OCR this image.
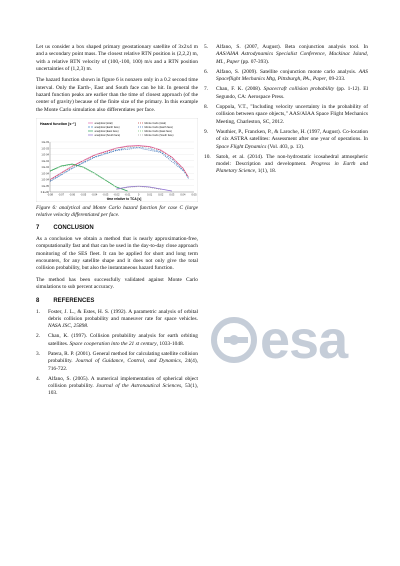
Let us consider a box shaped primary geostationary satellite of 3x2x4 m and a secondary point mass. The closest relative RTN position is (2,2,2) m, with a relative RTN velocity of (100,-100, 100) m/s and a RTN position uncertainties of (1,2,3) m.

The hazard function shown in figure 6 is nonzero only in a 0.2 second time interval. Only the Earth-, East and South face can be hit. In general the hazard function peaks are earlier than the time of closest approach (of the center of gravity) because of the finite size of the primary. In this example the Monte Carlo simulation also differentiates per face.

Hazard function [s⁻¹]	analytical (total)
analytical (Earth face)
analytical (East face)
analytical (South face)
Monte Carlo (total)
Monte Carlo (Earth face)
Monte Carlo (East face)
Monte Carlo (South face)
1.E-03
1.E-03
1.E-04
1.E-04
1.E-04
1.E-04
1.E-04
1.E-05
0.E+00
-0.08 -0.07 -0.06 -0.05 -0.04 -0.03 -0.02 -0.01	0	0.01 0.02 0.03 0.04 0.05
time relative to TCA [s]

Figure 6: analytical and Monte Carlo hazard function for case C (large relative velocity differentiated per face.

7 CONCLUSION

As a conclusion we obtain a method that is nearly approximation-free, computationally fast and that can be used in the day-to-day close approach monitoring of the SES fleet. It can be applied for short and long term encounters, for any satellite shape and it does not only give the total collision probability, but also the instantaneous hazard function.

The method has been successfully validated against Monte Carlo simulations to sub percent accuracy.

8 REFERENCES
1.	Foster, J. L., & Estes, H. S. (1992). A parametric analysis of orbital debris collision probability and maneuver rate for space vehicles. NASA JSC, 25898.
2.	Chan, K. (1997). Collision probability analysis for earth orbiting satellites. Space cooperation into the 21 st century, 1033-1048.
3.	Patera, R. P. (2001). General method for calculating satellite collision probability. Journal of Guidance, Control, and Dynamics, 24(4), 716-722.
4.	Alfano, S. (2005). A numerical implementation of spherical object collision probability. Journal of the Astronautical Sciences, 53(1), 103.
5.	Alfano, S. (2007, August). Beta conjunction analysis tool. In AAS/AIAA Astrodynamics Specialist Conference, Mackinac Island, MI., Paper (pp. 07-393).
6.	Alfano, S. (2009). Satellite conjunction monte carlo analysis. AAS Spaceflight Mechanics Mtg, Pittsburgh, PA., Paper, 09-233.
7.	Chan, F. K. (2008). Spacecraft collision probability (pp. 1-12). El Segundo, CA: Aerospace Press.
8.	Coppola, V.T., "Including velocity uncertainty in the probability of collision between space objects," AAS/AIAA Space Flight Mechanics Meeting, Charleston, SC, 2012.
9.	Wauthier, P., Francken, P., & Laroche, H. (1997, August). Co-location of six ASTRA satellites: Assessment after one year of operations. In Space Flight Dynamics (Vol. 403, p. 13).
10. Satoh, et al. (2014). The non-hydrostatic icosahedral atmospheric model: Description and development. Progress in Earth and Planetary Science, 1(1), 18.
esa
